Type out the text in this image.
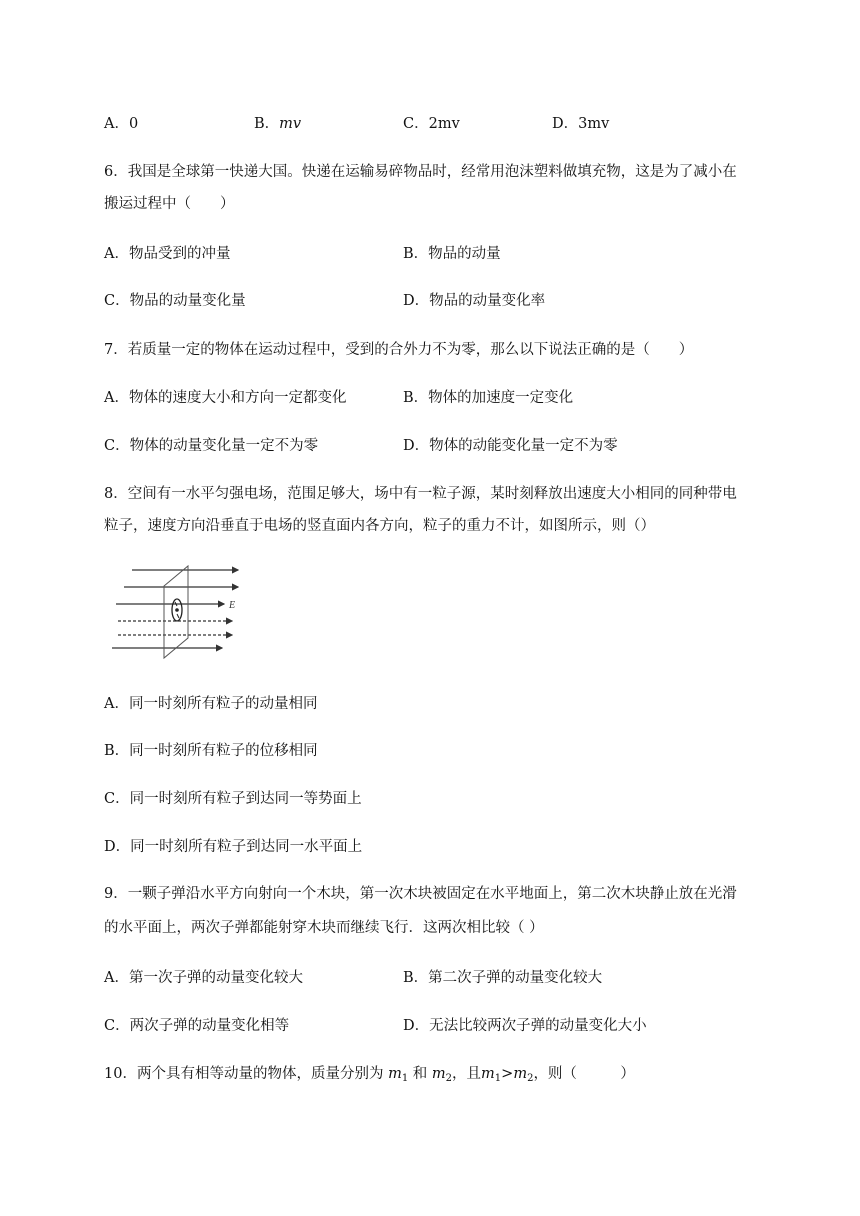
A．0	B．mv	C．2mv	D．3mv
6．我国是全球第一快递大国。快递在运输易碎物品时，经常用泡沫塑料做填充物，这是为了减小在
搬运过程中（　　）
A．物品受到的冲量	B．物品的动量
C．物品的动量变化量	D．物品的动量变化率
7．若质量一定的物体在运动过程中，受到的合外力不为零，那么以下说法正确的是（　　）
A．物体的速度大小和方向一定都变化	B．物体的加速度一定变化
C．物体的动量变化量一定不为零	D．物体的动能变化量一定不为零
8．空间有一水平匀强电场，范围足够大，场中有一粒子源，某时刻释放出速度大小相同的同种带电
粒子，速度方向沿垂直于电场的竖直面内各方向，粒子的重力不计，如图所示，则（）
E
A．同一时刻所有粒子的动量相同
B．同一时刻所有粒子的位移相同
C．同一时刻所有粒子到达同一等势面上
D．同一时刻所有粒子到达同一水平面上
9．一颗子弹沿水平方向射向一个木块，第一次木块被固定在水平地面上，第二次木块静止放在光滑
的水平面上，两次子弹都能射穿木块而继续飞行．这两次相比较（ ）
A．第一次子弹的动量变化较大	B．第二次子弹的动量变化较大
C．两次子弹的动量变化相等	D．无法比较两次子弹的动量变化大小
10．两个具有相等动量的物体，质量分别为 $m_1$ 和 $m_2$，且$m_1>m_2$，则（　　　）
